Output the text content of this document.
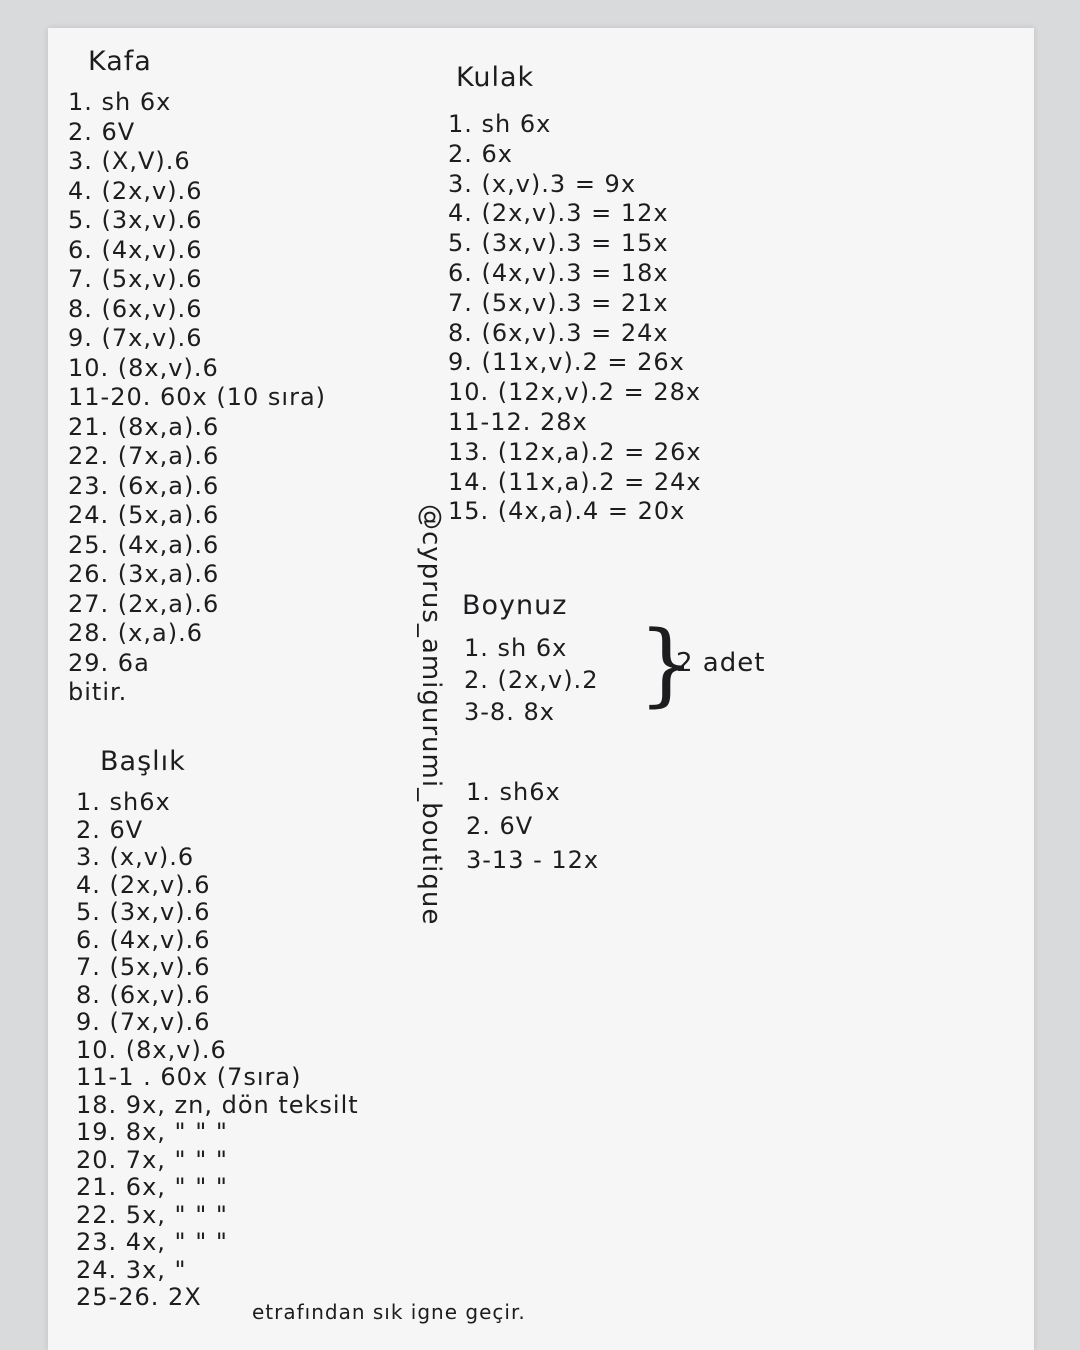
Kafa
1. sh 6x
2. 6V
3. (X,V).6
4. (2x,v).6
5. (3x,v).6
6. (4x,v).6
7. (5x,v).6
8. (6x,v).6
9. (7x,v).6
10. (8x,v).6
11-20. 60x (10 sıra)
21. (8x,a).6
22. (7x,a).6
23. (6x,a).6
24. (5x,a).6
25. (4x,a).6
26. (3x,a).6
27. (2x,a).6
28. (x,a).6
29. 6a
bitir.
Başlık
1. sh6x
2. 6V
3. (x,v).6
4. (2x,v).6
5. (3x,v).6
6. (4x,v).6
7. (5x,v).6
8. (6x,v).6
9. (7x,v).6
10. (8x,v).6
11-1 . 60x (7sıra)
18. 9x, zn, dön teksilt
19. 8x, " " "
20. 7x, " " "
21. 6x, " " "
22. 5x, " " "
23. 4x, " " "
24. 3x, "
25-26. 2X
etrafından sık igne geçir.
Kulak
1. sh 6x
2. 6x
3. (x,v).3 = 9x
4. (2x,v).3 = 12x
5. (3x,v).3 = 15x
6. (4x,v).3 = 18x
7. (5x,v).3 = 21x
8. (6x,v).3 = 24x
9. (11x,v).2 = 26x
10. (12x,v).2 = 28x
11-12. 28x
13. (12x,a).2 = 26x
14. (11x,a).2 = 24x
15. (4x,a).4 = 20x
Boynuz
1. sh 6x
2. (2x,v).2
3-8. 8x }
2 adet
1. sh6x
2. 6V
3-13 - 12x
@cyprus_amigurumi_boutique
